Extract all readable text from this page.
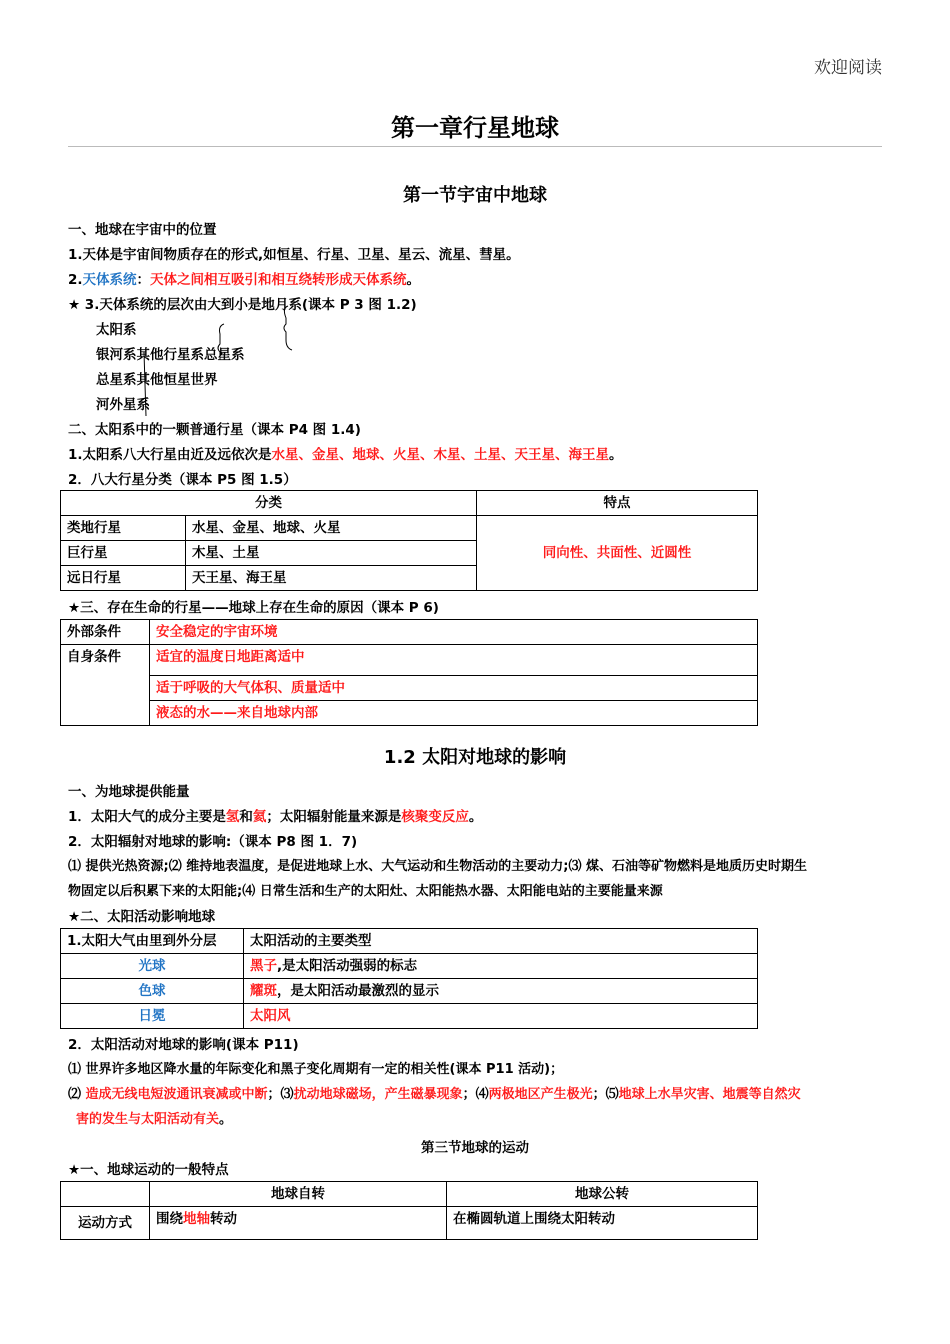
欢迎阅读
第一章行星地球
第一节宇宙中地球
一、地球在宇宙中的位置
1.天体是宇宙间物质存在的形式,如恒星、行星、卫星、星云、流星、彗星。
2.天体系统：天体之间相互吸引和相互绕转形成天体系统。
★ 3.天体系统的层次由大到小是地月系(课本 P 3 图 1.2)
太阳系
银河系其他行星系总星系
总星系其他恒星世界
河外星系
二、太阳系中的一颗普通行星（课本 P4 图 1.4)
1.太阳系八大行星由近及远依次是水星、金星、地球、火星、木星、土星、天王星、海王星。
2．八大行星分类（课本 P5 图 1.5）
分类		特点
类地行星	水星、金星、地球、火星	同向性、共面性、近圆性
巨行星	木星、土星	
远日行星	天王星、海王星	
★三、存在生命的行星——地球上存在生命的原因（课本 P 6)
外部条件	安全稳定的宇宙环境
自身条件	适宜的温度日地距离适中
	适于呼吸的大气体积、质量适中
	液态的水——来自地球内部
1.2 太阳对地球的影响
一、为地球提供能量
1．太阳大气的成分主要是氢和氦；太阳辐射能量来源是核聚变反应。
2．太阳辐射对地球的影响:（课本 P8 图 1．7)
⑴ 提供光热资源;⑵ 维持地表温度，是促进地球上水、大气运动和生物活动的主要动力;⑶ 煤、石油等矿物燃料是地质历史时期生
物固定以后积累下来的太阳能;⑷ 日常生活和生产的太阳灶、太阳能热水器、太阳能电站的主要能量来源
★二、太阳活动影响地球
1.太阳大气由里到外分层	太阳活动的主要类型
光球	黑子,是太阳活动强弱的标志
色球	耀斑，是太阳活动最激烈的显示
日冕	太阳风
2．太阳活动对地球的影响(课本 P11)
⑴ 世界许多地区降水量的年际变化和黑子变化周期有一定的相关性(课本 P11 活动)；
⑵ 造成无线电短波通讯衰减或中断；⑶扰动地球磁场，产生磁暴现象；⑷两极地区产生极光；⑸地球上水旱灾害、地震等自然灾
害的发生与太阳活动有关。
第三节地球的运动
★一、地球运动的一般特点
	地球自转	地球公转
运动方式	围绕地轴转动	在椭圆轨道上围绕太阳转动
